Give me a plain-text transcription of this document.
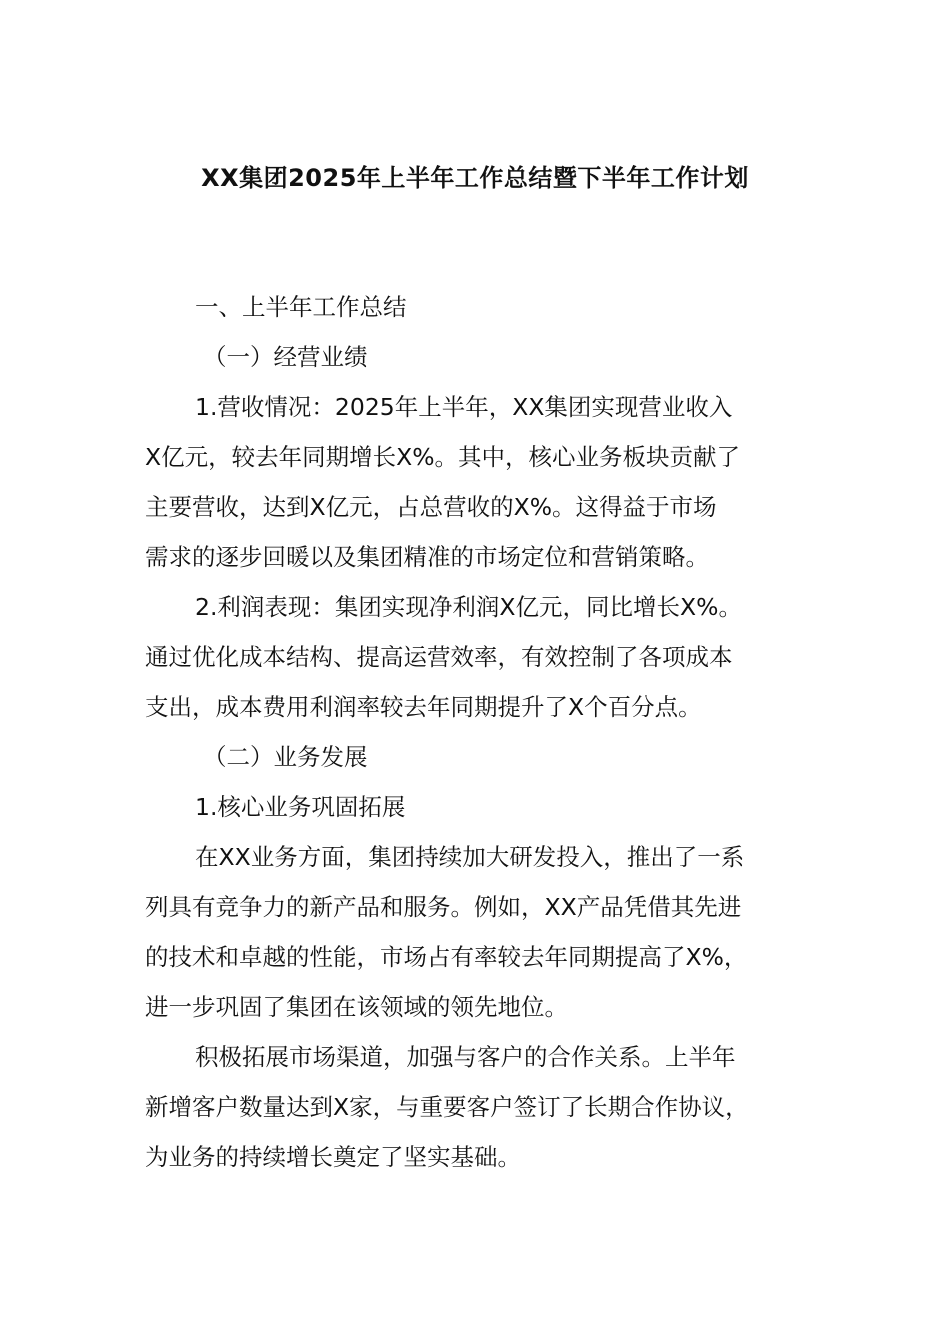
XX集团2025年上半年工作总结暨下半年工作计划
一、上半年工作总结
（一）经营业绩
1.营收情况：2025年上半年，XX集团实现营业收入
X亿元，较去年同期增长X%。其中，核心业务板块贡献了
主要营收，达到X亿元，占总营收的X%。这得益于市场
需求的逐步回暖以及集团精准的市场定位和营销策略。
2.利润表现：集团实现净利润X亿元，同比增长X%。
通过优化成本结构、提高运营效率，有效控制了各项成本
支出，成本费用利润率较去年同期提升了X个百分点。
（二）业务发展
1.核心业务巩固拓展
在XX业务方面，集团持续加大研发投入，推出了一系
列具有竞争力的新产品和服务。例如，XX产品凭借其先进
的技术和卓越的性能，市场占有率较去年同期提高了X%，
进一步巩固了集团在该领域的领先地位。
积极拓展市场渠道，加强与客户的合作关系。上半年
新增客户数量达到X家，与重要客户签订了长期合作协议，
为业务的持续增长奠定了坚实基础。
